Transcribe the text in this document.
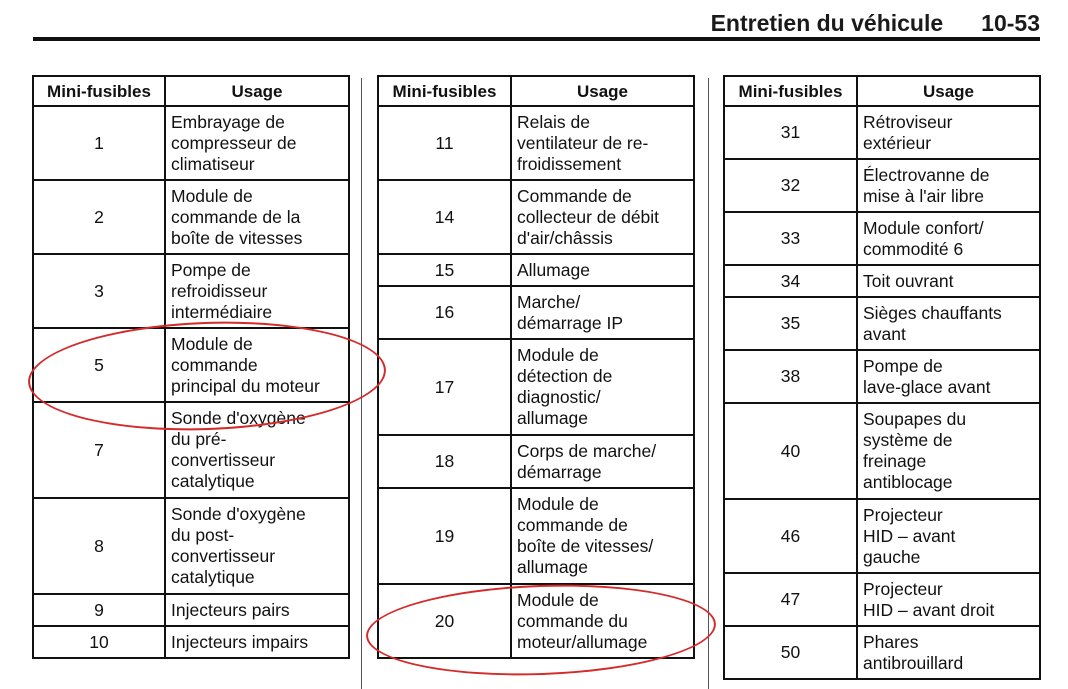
Entretien du véhicule 10-53
Mini-fusibles	Usage
1	Embrayage de
compresseur de
climatiseur

2	Module de
commande de la
boîte de vitesses

3	Pompe de
refroidisseur
intermédiaire

5	Module de
commande
principal du moteur

7	Sonde d'oxygène
du pré-
convertisseur
catalytique

8	Sonde d'oxygène
du post-
convertisseur
catalytique

9	Injecteurs pairs

10	Injecteurs impairs
Mini-fusibles	Usage
11	Relais de
ventilateur de re-
froidissement

14	Commande de
collecteur de débit
d'air/châssis

15	Allumage

16	Marche/
démarrage IP

17	Module de
détection de
diagnostic/
allumage

18	Corps de marche/
démarrage

19	Module de
commande de
boîte de vitesses/
allumage

20	Module de
commande du
moteur/allumage
Mini-fusibles	Usage
31	Rétroviseur
extérieur

32	Électrovanne de
mise à l'air libre

33	Module confort/
commodité 6

34	Toit ouvrant

35	Sièges chauffants
avant

38	Pompe de
lave-glace avant

40	Soupapes du
système de
freinage
antiblocage

46	Projecteur
HID – avant
gauche

47	Projecteur
HID – avant droit

50	Phares
antibrouillard
